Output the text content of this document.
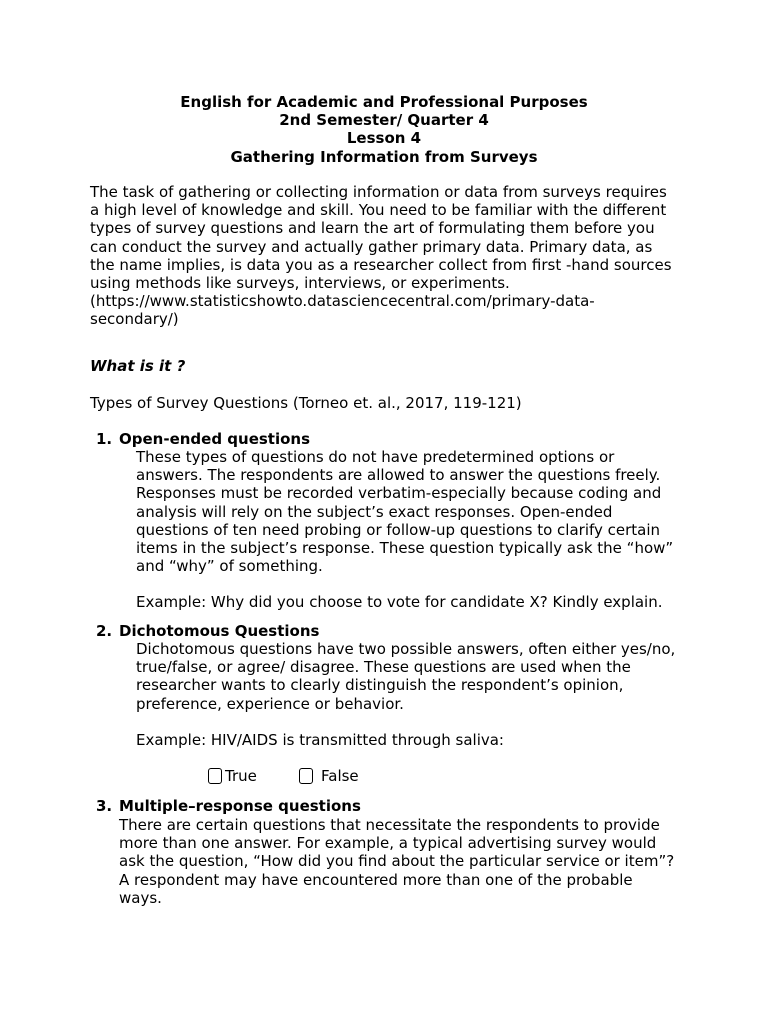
English for Academic and Professional Purposes
2nd Semester/ Quarter 4
Lesson 4
Gathering Information from Surveys

The task of gathering or collecting information or data from surveys requires

a high level of knowledge and skill. You need to be familiar with the different

types of survey questions and learn the art of formulating them before you

can conduct the survey and actually gather primary data. Primary data, as

the name implies, is data you as a researcher collect from first -hand sources

using methods like surveys, interviews, or experiments.

(https://www.statisticshowto.datasciencecentral.com/primary-data-

secondary/)

What is it ?
Types of Survey Questions (Torneo et. al., 2017, 119-121)
1. Open-ended questions

These types of questions do not have predetermined options or

answers. The respondents are allowed to answer the questions freely.

Responses must be recorded verbatim-especially because coding and

analysis will rely on the subject’s exact responses. Open-ended

questions of ten need probing or follow-up questions to clarify certain

items in the subject’s response. These question typically ask the “how”

and “why” of something.

Example: Why did you choose to vote for candidate X? Kindly explain.
2. Dichotomous Questions

Dichotomous questions have two possible answers, often either yes/no,

true/false, or agree/ disagree. These questions are used when the

researcher wants to clearly distinguish the respondent’s opinion,

preference, experience or behavior.

Example: HIV/AIDS is transmitted through saliva:
True	False
3. Multiple–response questions

There are certain questions that necessitate the respondents to provide

more than one answer. For example, a typical advertising survey would

ask the question, “How did you find about the particular service or item”?

A respondent may have encountered more than one of the probable

ways.
